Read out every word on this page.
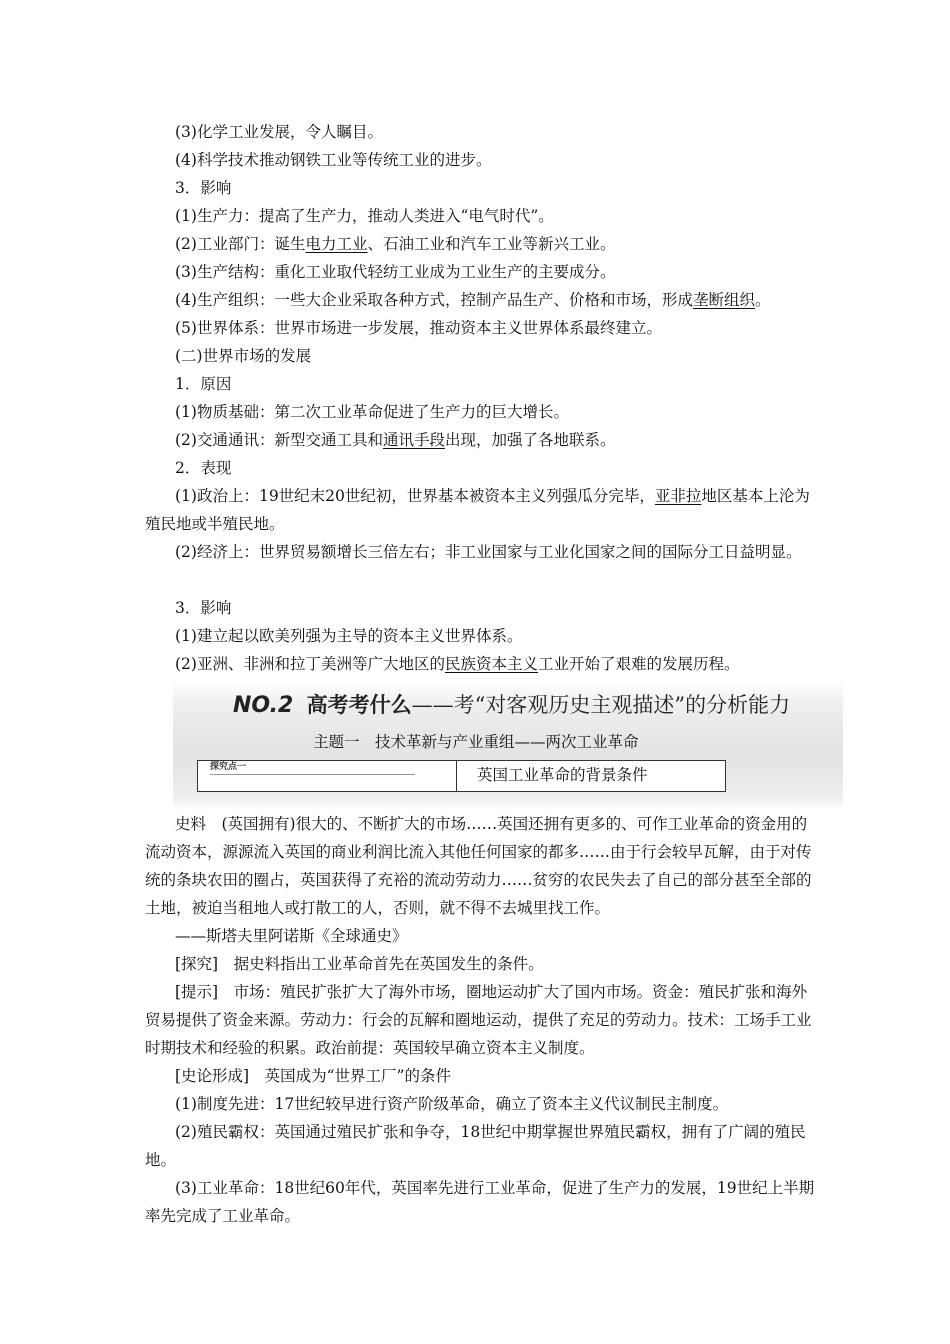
(3)化学工业发展，令人瞩目。
(4)科学技术推动钢铁工业等传统工业的进步。
3．影响
(1)生产力：提高了生产力，推动人类进入“电气时代”。
(2)工业部门：诞生电力工业、石油工业和汽车工业等新兴工业。
(3)生产结构：重化工业取代轻纺工业成为工业生产的主要成分。
(4)生产组织：一些大企业采取各种方式，控制产品生产、价格和市场，形成垄断组织。
(5)世界体系：世界市场进一步发展，推动资本主义世界体系最终建立。
(二)世界市场的发展
1．原因
(1)物质基础：第二次工业革命促进了生产力的巨大增长。
(2)交通通讯：新型交通工具和通讯手段出现，加强了各地联系。
2．表现
(1)政治上：19世纪末20世纪初，世界基本被资本主义列强瓜分完毕，亚非拉地区基本上沦为殖民地或半殖民地。
(2)经济上：世界贸易额增长三倍左右；非工业国家与工业化国家之间的国际分工日益明显。
3．影响
(1)建立起以欧美列强为主导的资本主义世界体系。
(2)亚洲、非洲和拉丁美洲等广大地区的民族资本主义工业开始了艰难的发展历程。
NO.2 高考考什么——考“对客观历史主观描述”的分析能力
主题一　技术革新与产业重组——两次工业革命
探究点一	英国工业革命的背景条件
史料　(英国拥有)很大的、不断扩大的市场……英国还拥有更多的、可作工业革命的资金用的流动资本，源源流入英国的商业利润比流入其他任何国家的都多……由于行会较早瓦解，由于对传统的条块农田的圈占，英国获得了充裕的流动劳动力……贫穷的农民失去了自己的部分甚至全部的土地，被迫当租地人或打散工的人，否则，就不得不去城里找工作。
——斯塔夫里阿诺斯《全球通史》
[探究]　据史料指出工业革命首先在英国发生的条件。
[提示]　市场：殖民扩张扩大了海外市场，圈地运动扩大了国内市场。资金：殖民扩张和海外贸易提供了资金来源。劳动力：行会的瓦解和圈地运动，提供了充足的劳动力。技术：工场手工业时期技术和经验的积累。政治前提：英国较早确立资本主义制度。
[史论形成]　英国成为“世界工厂”的条件
(1)制度先进：17世纪较早进行资产阶级革命，确立了资本主义代议制民主制度。
(2)殖民霸权：英国通过殖民扩张和争夺，18世纪中期掌握世界殖民霸权，拥有了广阔的殖民地。
(3)工业革命：18世纪60年代，英国率先进行工业革命，促进了生产力的发展，19世纪上半期率先完成了工业革命。
